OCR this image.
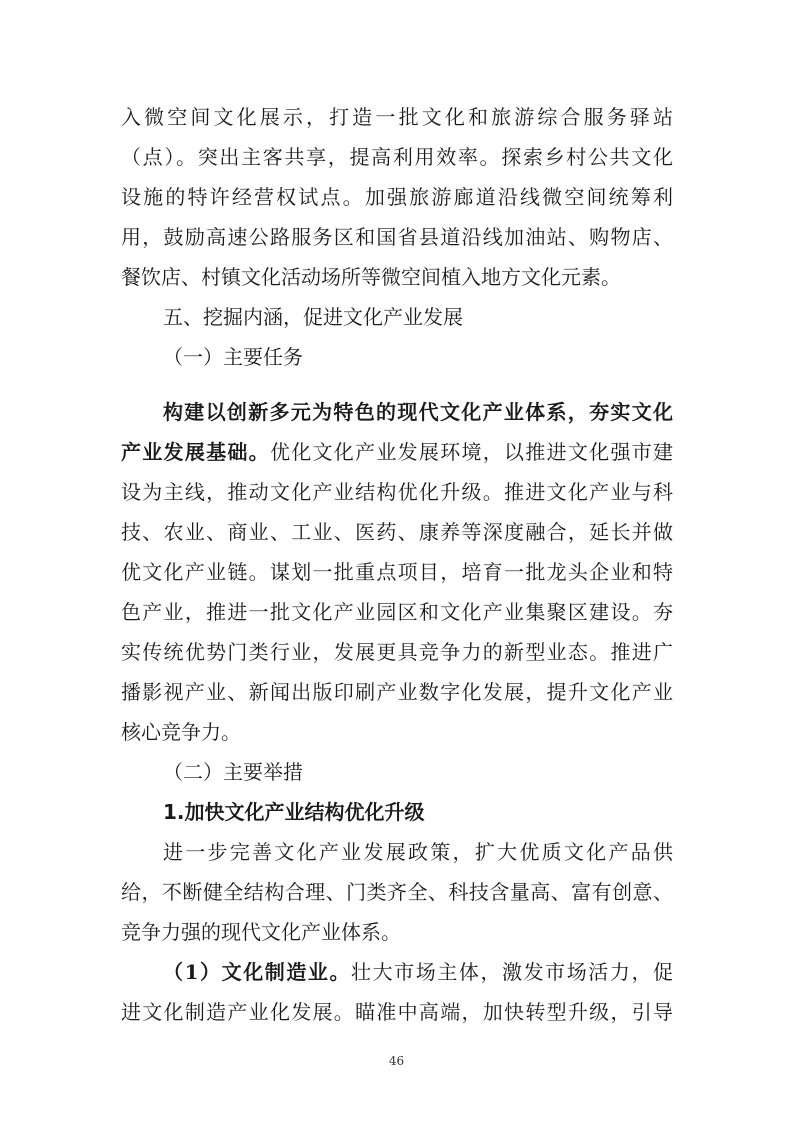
入微空间文化展示，打造一批文化和旅游综合服务驿站
（点）。突出主客共享，提高利用效率。探索乡村公共文化
设施的特许经营权试点。加强旅游廊道沿线微空间统筹利
用，鼓励高速公路服务区和国省县道沿线加油站、购物店、
餐饮店、村镇文化活动场所等微空间植入地方文化元素。
五、挖掘内涵，促进文化产业发展
（一）主要任务
构建以创新多元为特色的现代文化产业体系，夯实文化
产业发展基础。优化文化产业发展环境，以推进文化强市建
设为主线，推动文化产业结构优化升级。推进文化产业与科
技、农业、商业、工业、医药、康养等深度融合，延长并做
优文化产业链。谋划一批重点项目，培育一批龙头企业和特
色产业，推进一批文化产业园区和文化产业集聚区建设。夯
实传统优势门类行业，发展更具竞争力的新型业态。推进广
播影视产业、新闻出版印刷产业数字化发展，提升文化产业
核心竞争力。
（二）主要举措
1.加快文化产业结构优化升级
进一步完善文化产业发展政策，扩大优质文化产品供
给，不断健全结构合理、门类齐全、科技含量高、富有创意、
竞争力强的现代文化产业体系。
（1）文化制造业。壮大市场主体，激发市场活力，促
进文化制造产业化发展。瞄准中高端，加快转型升级，引导
46
